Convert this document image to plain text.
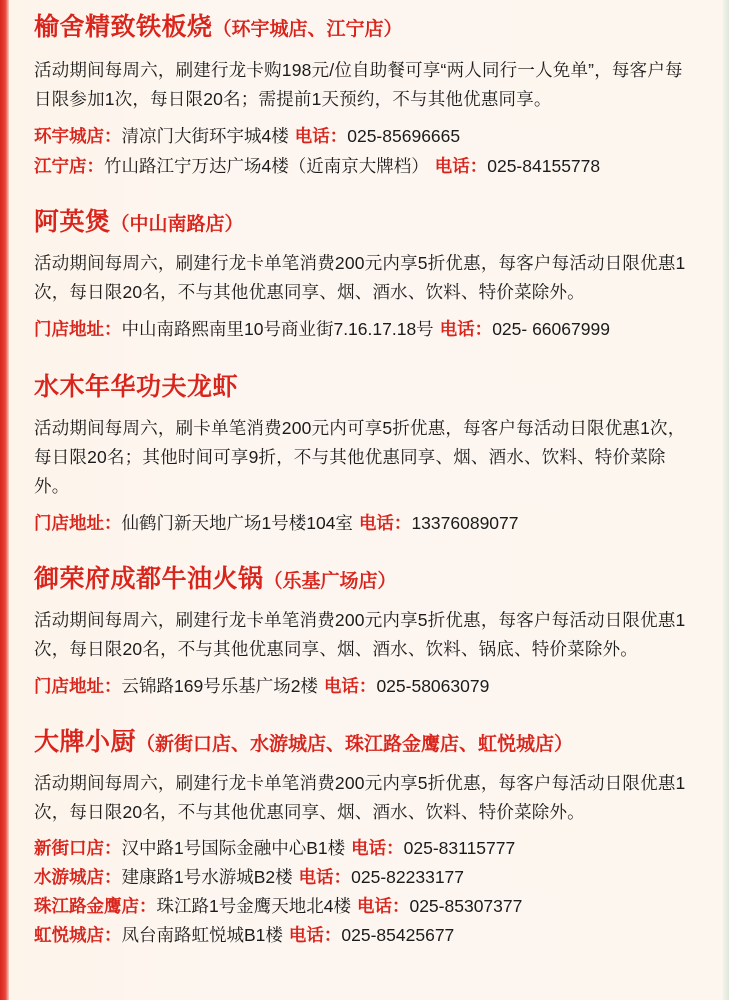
榆舍精致铁板烧（环宇城店、江宁店）
活动期间每周六，刷建行龙卡购198元/位自助餐可享“两人同行一人免单”，每客户每日限参加1次，每日限20名；需提前1天预约，不与其他优惠同享。
环宇城店：清凉门大街环宇城4楼 电话：025-85696665
江宁店：竹山路江宁万达广场4楼（近南京大牌档） 电话：025-84155778
阿英煲（中山南路店）
活动期间每周六，刷建行龙卡单笔消费200元内享5折优惠，每客户每活动日限优惠1次，每日限20名，不与其他优惠同享、烟、酒水、饮料、特价菜除外。
门店地址：中山南路熙南里10号商业街7.16.17.18号 电话：025- 66067999
水木年华功夫龙虾
活动期间每周六，刷卡单笔消费200元内可享5折优惠，每客户每活动日限优惠1次，每日限20名；其他时间可享9折，不与其他优惠同享、烟、酒水、饮料、特价菜除外。
门店地址：仙鹤门新天地广场1号楼104室 电话：13376089077
御荣府成都牛油火锅（乐基广场店）
活动期间每周六，刷建行龙卡单笔消费200元内享5折优惠，每客户每活动日限优惠1次，每日限20名，不与其他优惠同享、烟、酒水、饮料、锅底、特价菜除外。
门店地址：云锦路169号乐基广场2楼 电话：025-58063079
大牌小厨（新街口店、水游城店、珠江路金鹰店、虹悦城店）
活动期间每周六，刷建行龙卡单笔消费200元内享5折优惠，每客户每活动日限优惠1次，每日限20名，不与其他优惠同享、烟、酒水、饮料、特价菜除外。
新街口店：汉中路1号国际金融中心B1楼 电话：025-83115777
水游城店：建康路1号水游城B2楼 电话：025-82233177
珠江路金鹰店：珠江路1号金鹰天地北4楼 电话：025-85307377
虹悦城店：凤台南路虹悦城B1楼 电话：025-85425677
